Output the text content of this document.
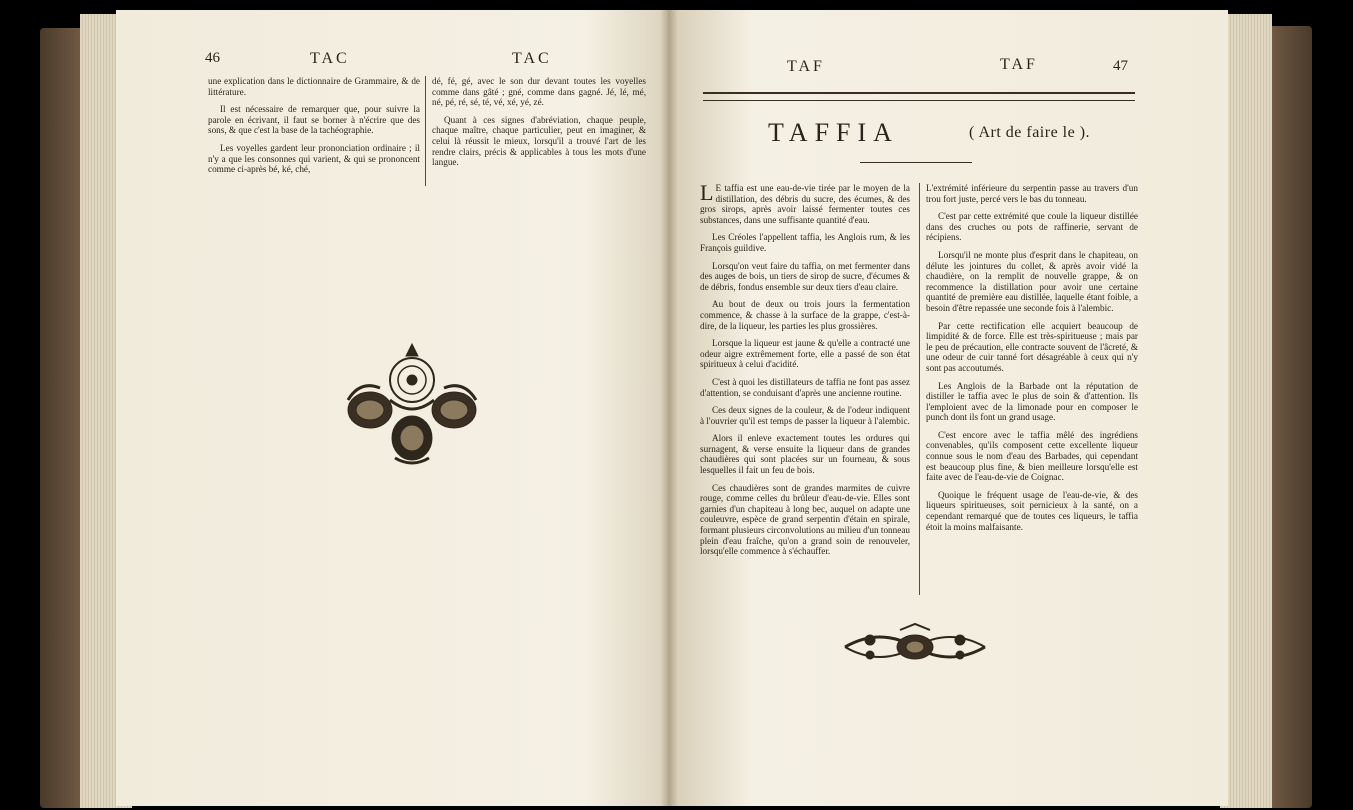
46	TAC	TAC

une explication dans le dictionnaire de Grammaire, & de littérature.

Il est nécessaire de remarquer que, pour suivre la parole en écrivant, il faut se borner à n'écrire que des sons, & que c'est la base de la tachéographie.

Les voyelles gardent leur prononciation ordinaire ; il n'y a que les consonnes qui varient, & qui se prononcent comme ci-après bé, ké, ché,

dé, fé, gé, avec le son dur devant toutes les voyelles comme dans gâté ; gné, comme dans gagné. Jé, lé, mé, né, pé, ré, sé, té, vé, xé, yé, zé.

Quant à ces signes d'abréviation, chaque peuple, chaque maître, chaque particulier, peut en imaginer, & celui là réussit le mieux, lorsqu'il a trouvé l'art de les rendre clairs, précis & applicables à tous les mots d'une langue.

TAF	TAF	47
TAFFIA	( Art de faire le ).

L E taffia est une eau-de-vie tirée par le moyen de la distillation, des débris du sucre, des écumes, & des gros sirops, après avoir laissé fermenter toutes ces substances, dans une suffisante quantité d'eau.

Les Créoles l'appellent taffia, les Anglois rum, & les François guildive.

Lorsqu'on veut faire du taffia, on met fermenter dans des auges de bois, un tiers de sirop de sucre, d'écumes & de débris, fondus ensemble sur deux tiers d'eau claire.

Au bout de deux ou trois jours la fermentation commence, & chasse à la surface de la grappe, c'est-à-dire, de la liqueur, les parties les plus grossières.

Lorsque la liqueur est jaune & qu'elle a contracté une odeur aigre extrêmement forte, elle a passé de son état spiritueux à celui d'acidité.

C'est à quoi les distillateurs de taffia ne font pas assez d'attention, se conduisant d'après une ancienne routine.

Ces deux signes de la couleur, & de l'odeur indiquent à l'ouvrier qu'il est temps de passer la liqueur à l'alembic.

Alors il enleve exactement toutes les ordures qui surnagent, & verse ensuite la liqueur dans de grandes chaudières qui sont placées sur un fourneau, & sous lesquelles il fait un feu de bois.

Ces chaudières sont de grandes marmites de cuivre rouge, comme celles du brûleur d'eau-de-vie. Elles sont garnies d'un chapiteau à long bec, auquel on adapte une couleuvre, espèce de grand serpentin d'étain en spirale, formant plusieurs circonvolutions au milieu d'un tonneau plein d'eau fraîche, qu'on a grand soin de renouveler, lorsqu'elle commence à s'échauffer.

L'extrémité inférieure du serpentin passe au travers d'un trou fort juste, percé vers le bas du tonneau.

C'est par cette extrémité que coule la liqueur distillée dans des cruches ou pots de raffinerie, servant de récipiens.

Lorsqu'il ne monte plus d'esprit dans le chapiteau, on délute les jointures du collet, & après avoir vidé la chaudière, on la remplit de nouvelle grappe, & on recommence la distillation pour avoir une certaine quantité de première eau distillée, laquelle étant foible, a besoin d'être repassée une seconde fois à l'alembic.

Par cette rectification elle acquiert beaucoup de limpidité & de force. Elle est très-spiritueuse ; mais par le peu de précaution, elle contracte souvent de l'âcreté, & une odeur de cuir tanné fort désagréable à ceux qui n'y sont pas accoutumés.

Les Anglois de la Barbade ont la réputation de distiller le taffia avec le plus de soin & d'attention. Ils l'emploient avec de la limonade pour en composer le punch dont ils font un grand usage.

C'est encore avec le taffia mêlé des ingrédiens convenables, qu'ils composent cette excellente liqueur connue sous le nom d'eau des Barbades, qui cependant est beaucoup plus fine, & bien meilleure lorsqu'elle est faite avec de l'eau-de-vie de Coignac.

Quoique le fréquent usage de l'eau-de-vie, & des liqueurs spiritueuses, soit pernicieux à la santé, on a cependant remarqué que de toutes ces liqueurs, le taffia étoit la moins malfaisante.
